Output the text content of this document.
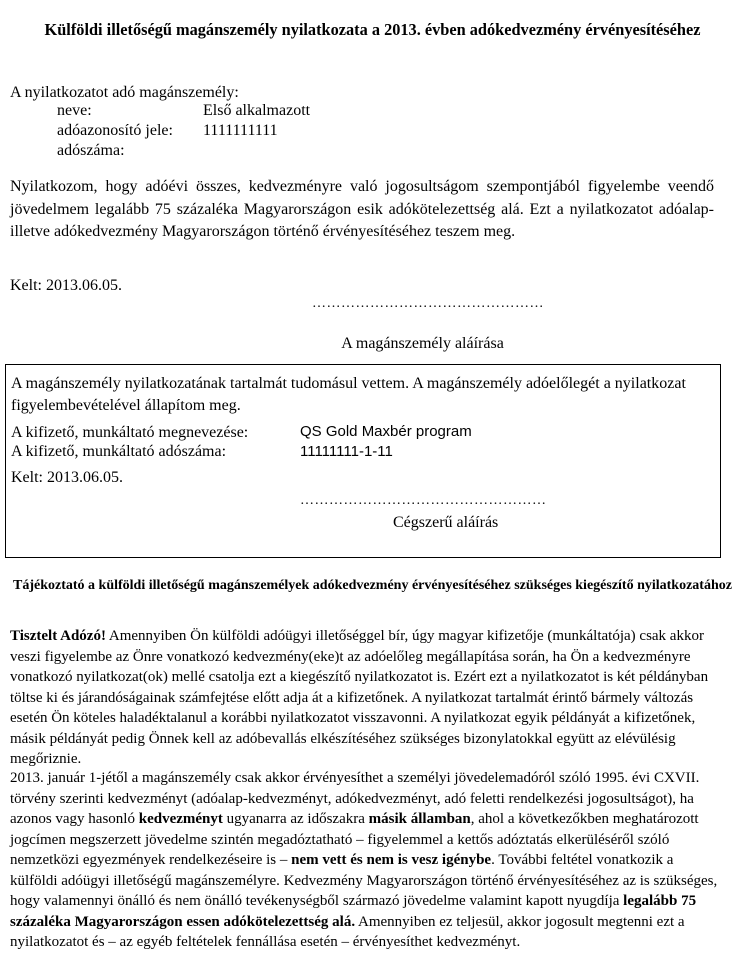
Külföldi illetőségű magánszemély nyilatkozata a 2013. évben adókedvezmény érvényesítéséhez
A nyilatkozatot adó magánszemély:
neve:	Első alkalmazott
adóazonosító jele: 1111111111
adószáma:
Nyilatkozom, hogy adóévi összes, kedvezményre való jogosultságom szempontjából figyelembe veendő jövedelmem legalább 75 százaléka Magyarországon esik adókötelezettség alá. Ezt a nyilatkozatot adóalap- illetve adókedvezmény Magyarországon történő érvényesítéséhez teszem meg.
Kelt: 2013.06.05.
…………………………………………
A magánszemély aláírása
A magánszemély nyilatkozatának tartalmát tudomásul vettem. A magánszemély adóelőlegét a nyilatkozat figyelembevételével állapítom meg.
A kifizető, munkáltató megnevezése:	QS Gold Maxbér program
A kifizető, munkáltató adószáma:	11111111-1-11
Kelt: 2013.06.05.
……………………………………………
Cégszerű aláírás
Tájékoztató a külföldi illetőségű magánszemélyek adókedvezmény érvényesítéséhez szükséges kiegészítő nyilatkozatához
Tisztelt Adózó! Amennyiben Ön külföldi adóügyi illetőséggel bír, úgy magyar kifizetője (munkáltatója) csak akkor veszi figyelembe az Önre vonatkozó kedvezmény(eke)t az adóelőleg megállapítása során, ha Ön a kedvezményre vonatkozó nyilatkozat(ok) mellé csatolja ezt a kiegészítő nyilatkozatot is. Ezért ezt a nyilatkozatot is két példányban töltse ki és járandóságainak számfejtése előtt adja át a kifizetőnek. A nyilatkozat tartalmát érintő bármely változás esetén Ön köteles haladéktalanul a korábbi nyilatkozatot visszavonni. A nyilatkozat egyik példányát a kifizetőnek, másik példányát pedig Önnek kell az adóbevallás elkészítéséhez szükséges bizonylatokkal együtt az elévülésig megőriznie.
2013. január 1-jétől a magánszemély csak akkor érvényesíthet a személyi jövedelemadóról szóló 1995. évi CXVII. törvény szerinti kedvezményt (adóalap-kedvezményt, adókedvezményt, adó feletti rendelkezési jogosultságot), ha azonos vagy hasonló kedvezményt ugyanarra az időszakra másik államban, ahol a következőkben meghatározott jogcímen megszerzett jövedelme szintén megadóztatható – figyelemmel a kettős adóztatás elkerüléséről szóló nemzetközi egyezmények rendelkezéseire is – nem vett és nem is vesz igénybe. További feltétel vonatkozik a külföldi adóügyi illetőségű magánszemélyre. Kedvezmény Magyarországon történő érvényesítéséhez az is szükséges, hogy valamennyi önálló és nem önálló tevékenységből származó jövedelme valamint kapott nyugdíja legalább 75 százaléka Magyarországon essen adókötelezettség alá. Amennyiben ez teljesül, akkor jogosult megtenni ezt a nyilatkozatot és – az egyéb feltételek fennállása esetén – érvényesíthet kedvezményt.
